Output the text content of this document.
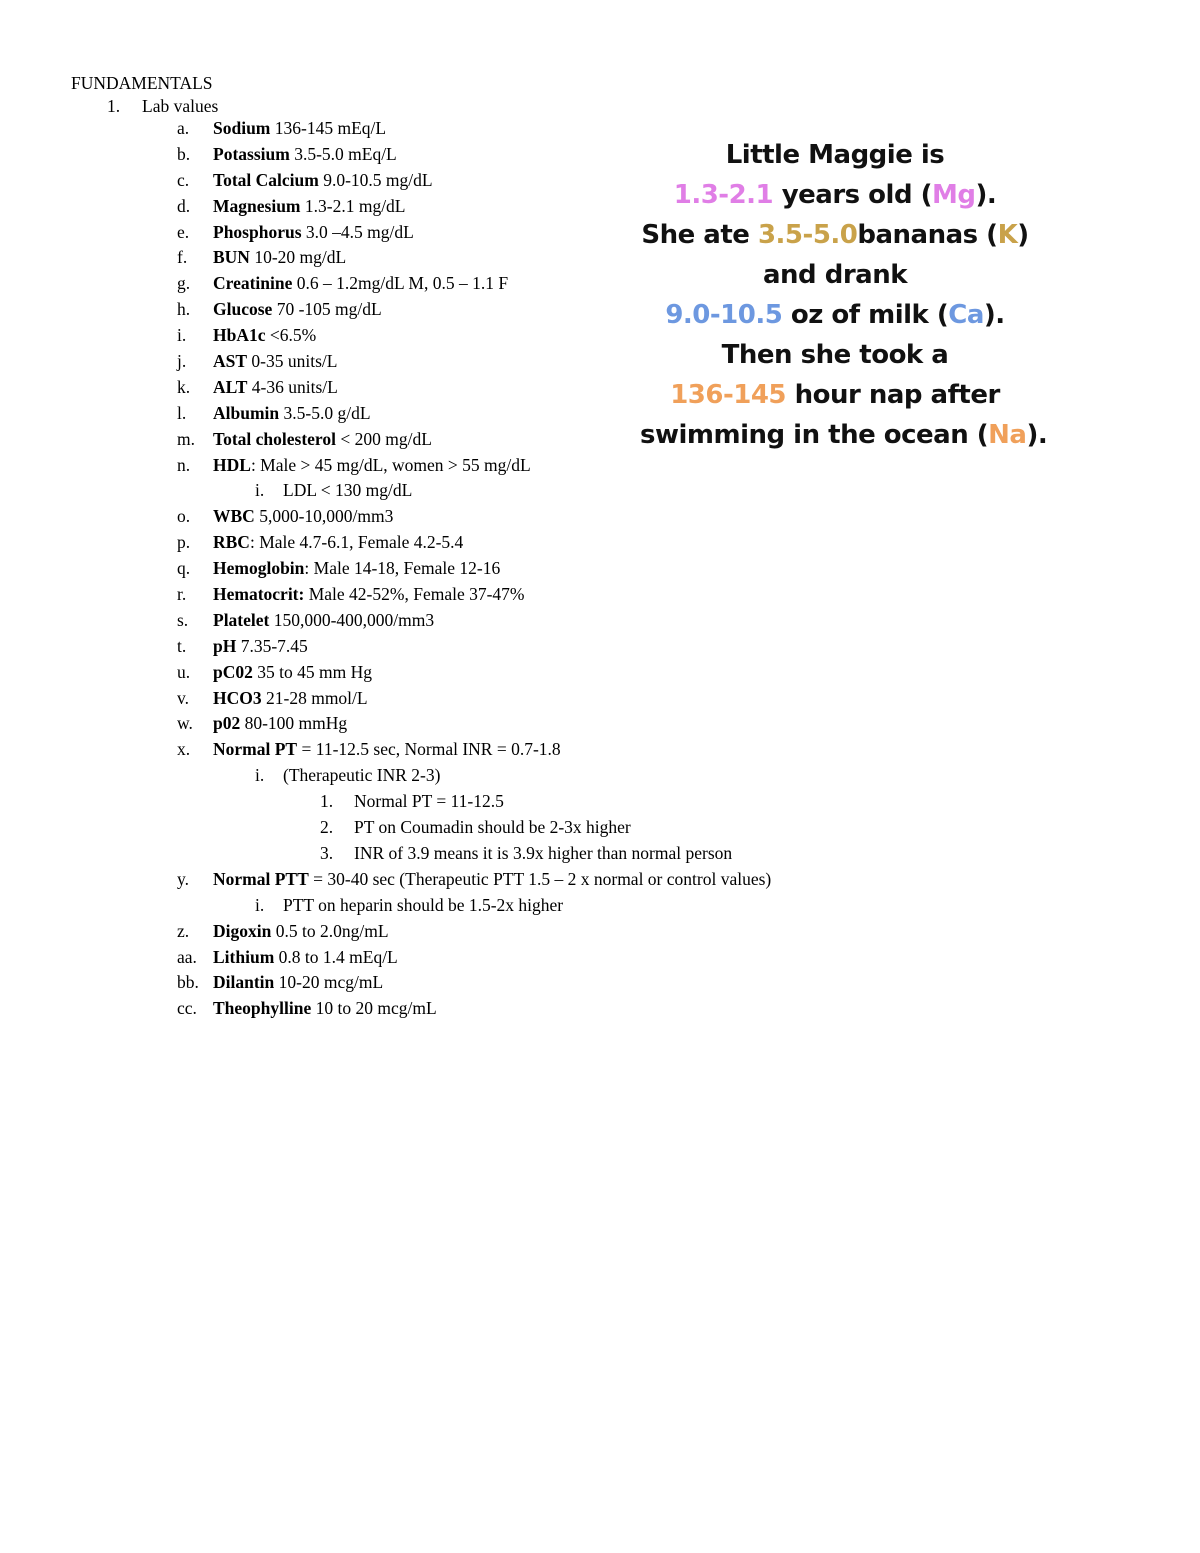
FUNDAMENTALS
1. Lab values
a. Sodium 136-145 mEq/L
b. Potassium 3.5-5.0 mEq/L
c. Total Calcium 9.0-10.5 mg/dL
d. Magnesium 1.3-2.1 mg/dL
e. Phosphorus 3.0 –4.5 mg/dL
f. BUN 10-20 mg/dL
g. Creatinine 0.6 – 1.2mg/dL M, 0.5 – 1.1 F
h. Glucose 70 -105 mg/dL
i. HbA1c <6.5%
j. AST 0-35 units/L
k. ALT 4-36 units/L
l. Albumin 3.5-5.0 g/dL
m. Total cholesterol < 200 mg/dL
n. HDL: Male > 45 mg/dL, women > 55 mg/dL
i. LDL < 130 mg/dL
o. WBC 5,000-10,000/mm3
p. RBC: Male 4.7-6.1, Female 4.2-5.4
q. Hemoglobin: Male 14-18, Female 12-16
r. Hematocrit: Male 42-52%, Female 37-47%
s. Platelet 150,000-400,000/mm3
t. pH 7.35-7.45
u. pC02 35 to 45 mm Hg
v. HCO3 21-28 mmol/L
w. p02 80-100 mmHg
x. Normal PT = 11-12.5 sec, Normal INR = 0.7-1.8
i. (Therapeutic INR 2-3)
1. Normal PT = 11-12.5
2. PT on Coumadin should be 2-3x higher
3. INR of 3.9 means it is 3.9x higher than normal person
y. Normal PTT = 30-40 sec (Therapeutic PTT 1.5 – 2 x normal or control values)
i. PTT on heparin should be 1.5-2x higher
z. Digoxin 0.5 to 2.0ng/mL
aa. Lithium 0.8 to 1.4 mEq/L
bb. Dilantin 10-20 mcg/mL
cc. Theophylline 10 to 20 mcg/mL
Little Maggie is
1.3-2.1 years old (Mg).
She ate 3.5-5.0bananas (K)
and drank
9.0-10.5 oz of milk (Ca).
Then she took a
136-145 hour nap after
swimming in the ocean (Na).
